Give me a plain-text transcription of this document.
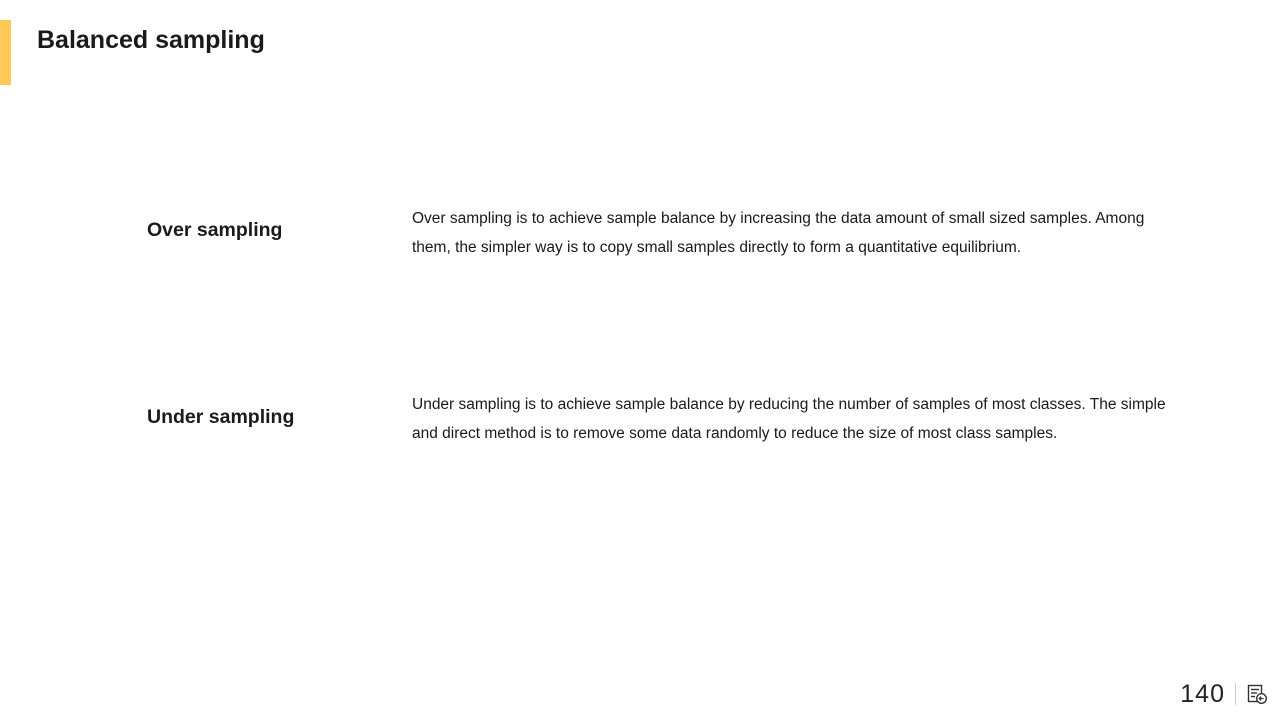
Balanced sampling
Over sampling

Over sampling is to achieve sample balance by increasing the data amount of small sized samples. Among them, the simpler way is to copy small samples directly to form a quantitative equilibrium.

Under sampling

Under sampling is to achieve sample balance by reducing the number of samples of most classes. The simple and direct method is to remove some data randomly to reduce the size of most class samples.

140
